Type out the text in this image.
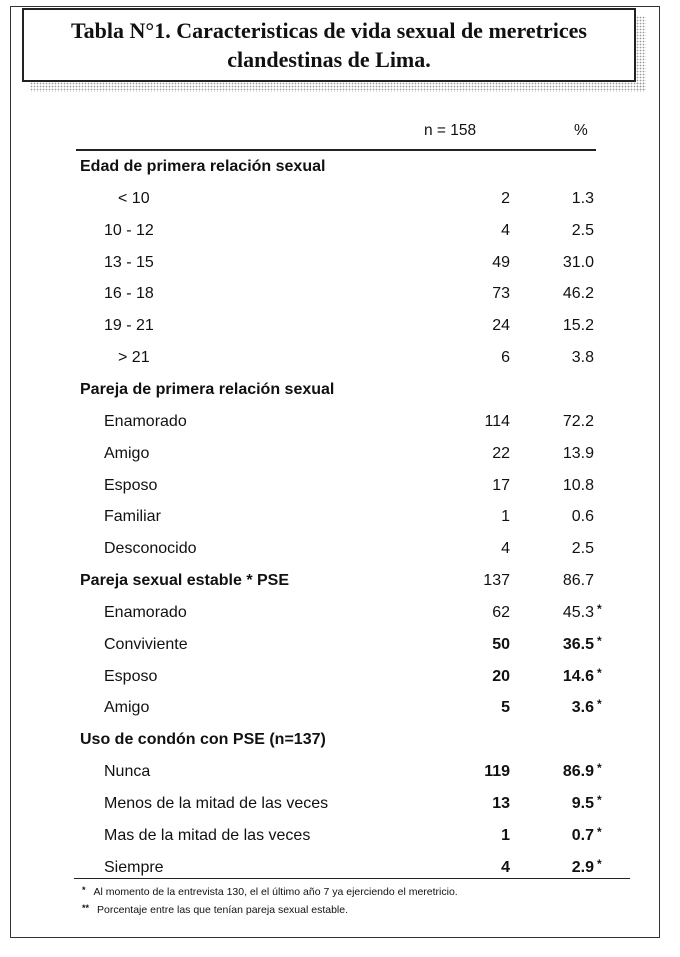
Tabla N°1. Caracteristicas de vida sexual de meretrices
clandestinas de Lima.
n = 158	%
Edad de primera relación sexual
< 10	2	1.3
10 - 12	4	2.5
13 - 15	49	31.0
16 - 18	73	46.2
19 - 21	24	15.2
> 21	6	3.8
Pareja de primera relación sexual
Enamorado	114	72.2
Amigo	22	13.9
Esposo	17	10.8
Familiar	1	0.6
Desconocido	4	2.5
Pareja sexual estable * PSE	137	86.7
Enamorado	62	45.3 *
Conviviente	50	36.5 *
Esposo	20	14.6 *
Amigo	5	3.6 *
Uso de condón con PSE (n=137)
Nunca	119	86.9 *
Menos de la mitad de las veces	13	9.5 *
Mas de la mitad de las veces	1	0.7 *
Siempre	4	2.9 *
* Al momento de la entrevista 130, el el último año 7 ya ejerciendo el meretricio.
** Porcentaje entre las que tenían pareja sexual estable.
